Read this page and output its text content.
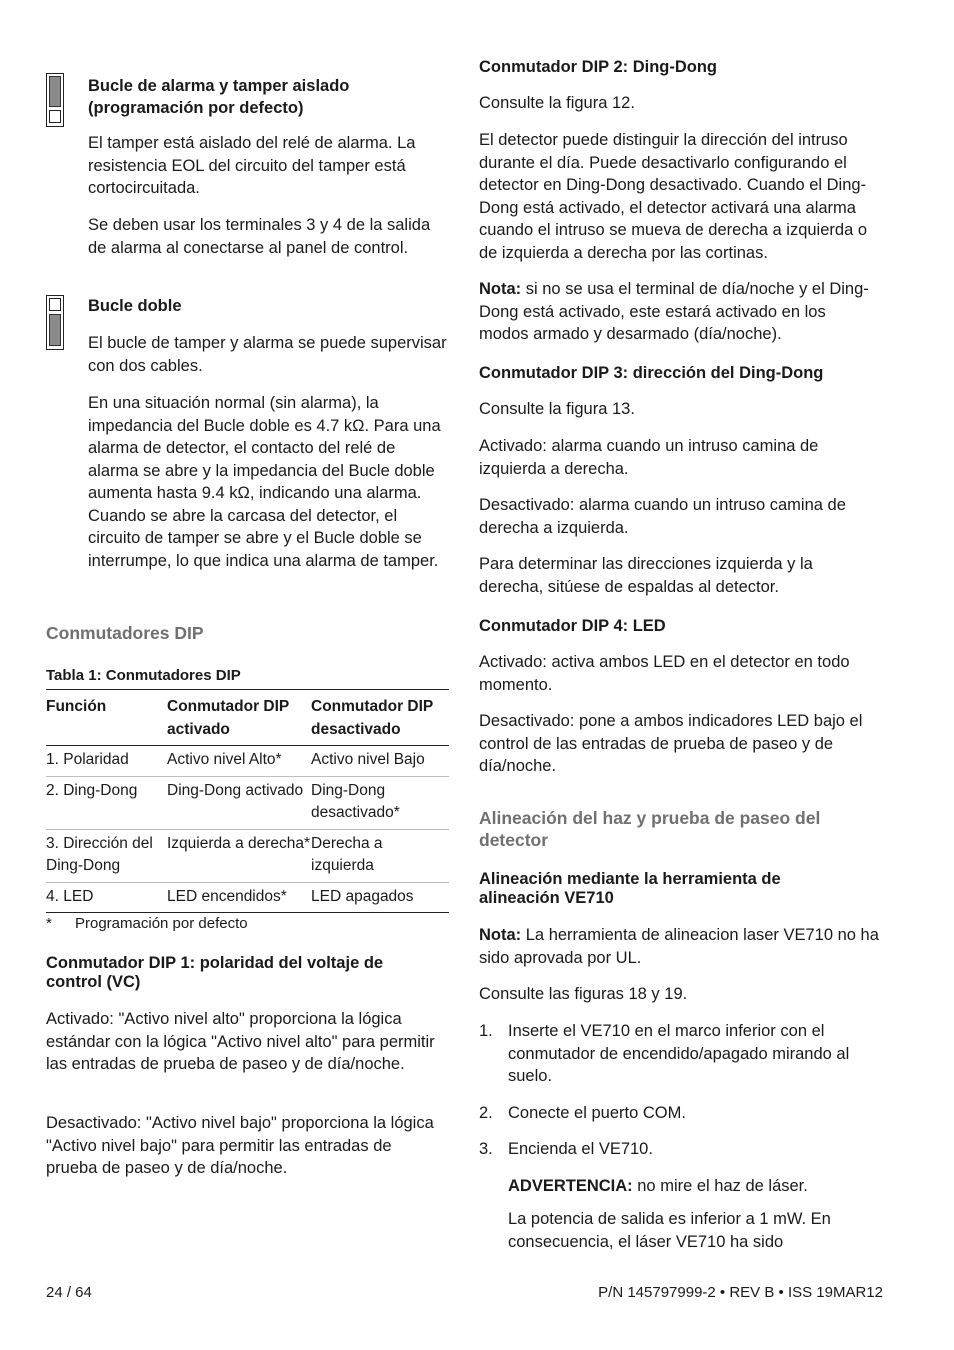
Bucle de alarma y tamper aislado (programación por defecto)

El tamper está aislado del relé de alarma. La resistencia EOL del circuito del tamper está cortocircuitada.

Se deben usar los terminales 3 y 4 de la salida de alarma al conectarse al panel de control.

Bucle doble

El bucle de tamper y alarma se puede supervisar con dos cables.

En una situación normal (sin alarma), la impedancia del Bucle doble es 4.7 kΩ. Para una alarma de detector, el contacto del relé de alarma se abre y la impedancia del Bucle doble aumenta hasta 9.4 kΩ, indicando una alarma. Cuando se abre la carcasa del detector, el circuito de tamper se abre y el Bucle doble se interrumpe, lo que indica una alarma de tamper.

Conmutadores DIP
Tabla 1: Conmutadores DIP
Función	Conmutador DIP activado	Conmutador DIP desactivado
1. Polaridad	Activo nivel Alto*	Activo nivel Bajo
2. Ding-Dong	Ding-Dong activado	Ding-Dong desactivado*
3. Dirección del Ding-Dong	Izquierda a derecha*	Derecha a izquierda
4. LED	LED encendidos*	LED apagados
* Programación por defecto
Conmutador DIP 1: polaridad del voltaje de control (VC)

Activado: "Activo nivel alto" proporciona la lógica estándar con la lógica "Activo nivel alto" para permitir las entradas de prueba de paseo y de día/noche.

Desactivado: "Activo nivel bajo" proporciona la lógica "Activo nivel bajo" para permitir las entradas de prueba de paseo y de día/noche.

Conmutador DIP 2: Ding-Dong

Consulte la figura 12.

El detector puede distinguir la dirección del intruso durante el día. Puede desactivarlo configurando el detector en Ding-Dong desactivado. Cuando el Ding-Dong está activado, el detector activará una alarma cuando el intruso se mueva de derecha a izquierda o de izquierda a derecha por las cortinas.

Nota: si no se usa el terminal de día/noche y el Ding-Dong está activado, este estará activado en los modos armado y desarmado (día/noche).

Conmutador DIP 3: dirección del Ding-Dong

Consulte la figura 13.

Activado: alarma cuando un intruso camina de izquierda a derecha.

Desactivado: alarma cuando un intruso camina de derecha a izquierda.

Para determinar las direcciones izquierda y la derecha, sitúese de espaldas al detector.

Conmutador DIP 4: LED

Activado: activa ambos LED en el detector en todo momento.

Desactivado: pone a ambos indicadores LED bajo el control de las entradas de prueba de paseo y de día/noche.

Alineación del haz y prueba de paseo del detector
Alineación mediante la herramienta de alineación VE710

Nota: La herramienta de alineacion laser VE710 no ha sido aprovada por UL.

Consulte las figuras 18 y 19.

1. Inserte el VE710 en el marco inferior con el conmutador de encendido/apagado mirando al suelo.

2. Conecte el puerto COM.

3. Encienda el VE710.

ADVERTENCIA: no mire el haz de láser.

La potencia de salida es inferior a 1 mW. En consecuencia, el láser VE710 ha sido

24 / 64	P/N 145797999-2 • REV B • ISS 19MAR12
